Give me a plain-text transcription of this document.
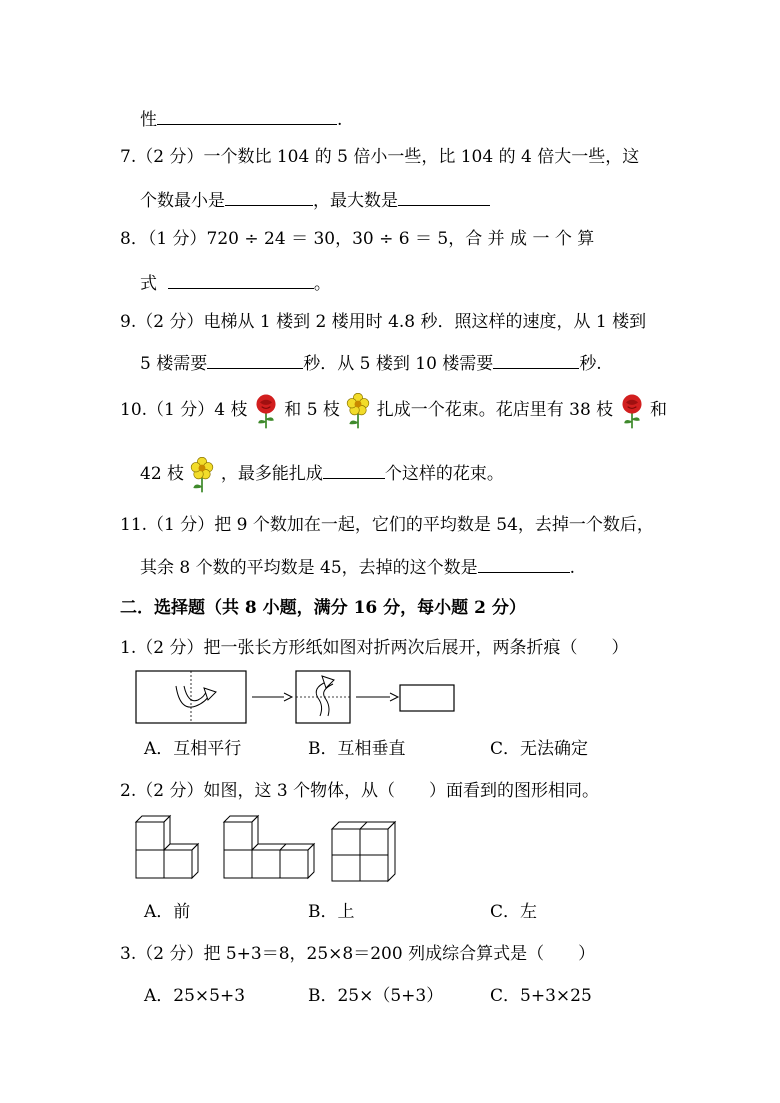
性	.
7.（2 分）一个数比 104 的 5 倍小一些，比 104 的 4 倍大一些，这
个数最小是	，最大数是
8．（1 分）720 ÷ 24 ＝ 30，30 ÷ 6 ＝ 5，合 并 成 一 个 算
式	。
9.（2 分）电梯从 1 楼到 2 楼用时 4.8 秒．照这样的速度，从 1 楼到
5 楼需要	秒．从 5 楼到 10 楼需要	秒.
10.（1 分）4 枝 和 5 枝 扎成一个花束。花店里有 38 枝 和
42 枝 ，最多能扎成	个这样的花束。
11.（1 分）把 9 个数加在一起，它们的平均数是 54，去掉一个数后，
其余 8 个数的平均数是 45，去掉的这个数是	.
二．选择题（共 8 小题，满分 16 分，每小题 2 分）
1.（2 分）把一张长方形纸如图对折两次后展开，两条折痕（　　）
A．互相平行	B．互相垂直	C．无法确定
2.（2 分）如图，这 3 个物体，从（　　）面看到的图形相同。
A．前	B．上	C．左
3.（2 分）把 5+3＝8，25×8＝200 列成综合算式是（　　）
A．25×5+3	B．25×（5+3）	C．5+3×25
